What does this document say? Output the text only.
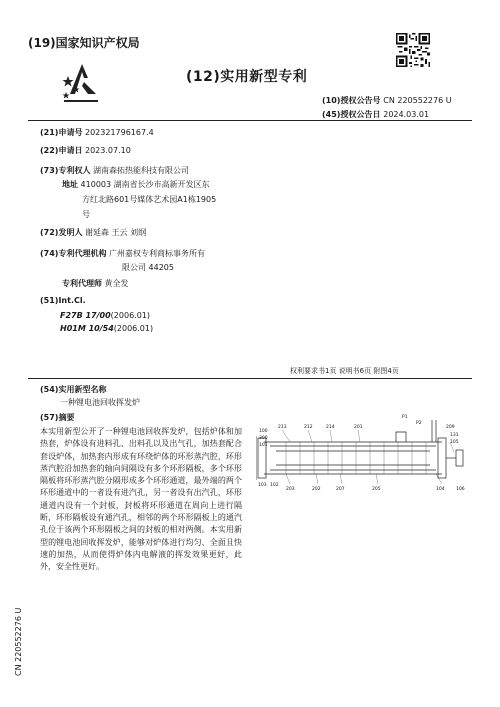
(19)国家知识产权局
(12)实用新型专利
(10)授权公告号 CN 220552276 U
(45)授权公告日 2024.03.01
(21)申请号 202321796167.4
(22)申请日 2023.07.10
(73)专利权人 湖南森拓热能科技有限公司
地址 410003 湖南省长沙市高新开发区东
方红北路601号媒体艺术园A1栋1905
号
(72)发明人 谢延森 王云 刘纲
(74)专利代理机构 广州嘉权专利商标事务所有
限公司 44205
专利代理师 黄全发
(51)Int.Cl.
F27B 17/00(2006.01)
H01M 10/54(2006.01)
权利要求书1页 说明书6页 附图4页
(54)实用新型名称
一种锂电池回收挥发炉
(57)摘要
本实用新型公开了一种锂电池回收挥发炉，包括炉体和加热套，炉体设有进料孔、出料孔以及出气孔，加热套配合套设炉体，加热套内形成有环绕炉体的环形蒸汽腔，环形蒸汽腔沿加热套的轴向间隔设有多个环形隔板，多个环形隔板将环形蒸汽腔分隔形成多个环形通道，最外端的两个环形通道中的一者设有进汽孔，另一者设有出汽孔，环形通道内设有一个封板，封板将环形通道在周向上进行隔断，环形隔板设有通汽孔，相邻的两个环形隔板上的通汽孔位于该两个环形隔板之间的封板的相对两侧。本实用新型的锂电池回收挥发炉，能够对炉体进行均匀、全面且快速的加热，从而使得炉体内电解液的挥发效果更好，此外，安全性更好。
100
300
101
213	212
P1
214	201
103 102
203	202	207	205	104	106
209
P2
131
105
CN 220552276 U
